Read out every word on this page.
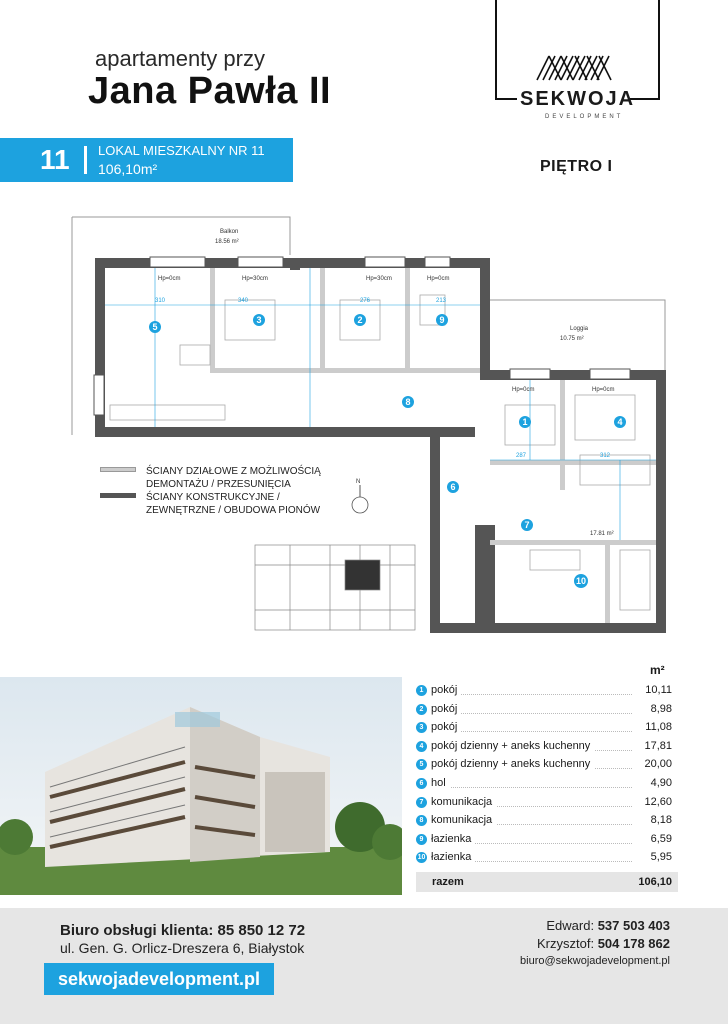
apartamenty przy
Jana Pawła II	SEKWOJA
DEVELOPMENT
11 LOKAL MIESZKALNY NR 11
106,10m²	PIĘTRO I
Balkon
18.56 m²
Loggia
10.75 m²
17.81 m²
Hp=0cm	Hp=30cm	Hp=30cm	Hp=0cm
Hp=0cm	Hp=0cm
310	340	276	213
287	312
1
2
3
4
5
6
7
8
9
10
N
ŚCIANY DZIAŁOWE Z MOŻLIWOŚCIĄ DEMONTAŻU / PRZESUNIĘCIA
ŚCIANY KONSTRUKCYJNE / ZEWNĘTRZNE / OBUDOWA PIONÓW
m²
1 pokój	10,11
2 pokój	8,98
3 pokój	11,08
4 pokój dzienny + aneks kuchenny	17,81
5 pokój dzienny + aneks kuchenny	20,00
6 hol	4,90
7 komunikacja	12,60
8 komunikacja	8,18
9 łazienka	6,59
10 łazienka	5,95
razem	106,10
Biuro obsługi klienta: 85 850 12 72
ul. Gen. G. Orlicz-Dreszera 6, Białystok
sekwojadevelopment.pl
Edward: 537 503 403
Krzysztof: 504 178 862
biuro@sekwojadevelopment.pl
